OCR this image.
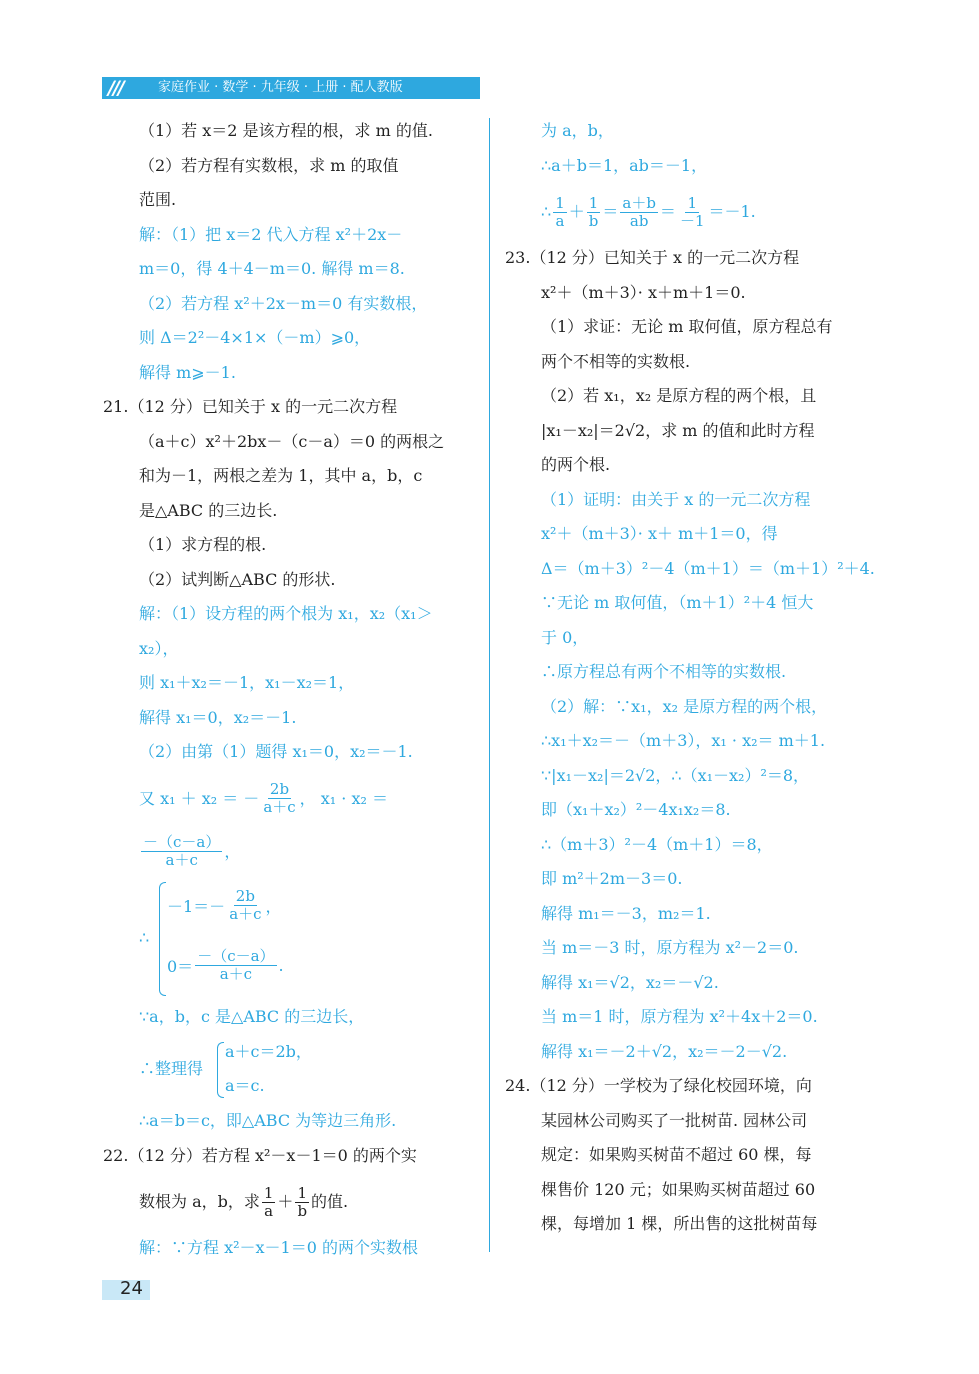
///	家庭作业 · 数学 · 九年级 · 上册 · 配人教版
（1）若 x＝2 是该方程的根，求 m 的值.
（2）若方程有实数根，求 m 的取值
范围.
解：（1）把 x＝2 代入方程 x²＋2x－
m＝0，得 4＋4－m＝0. 解得 m＝8.
（2）若方程 x²＋2x－m＝0 有实数根，
则 Δ＝2²－4×1×（－m）⩾0，
解得 m⩾－1.
21.（12 分）已知关于 x 的一元二次方程
（a＋c）x²＋2bx－（c－a）＝0 的两根之
和为－1，两根之差为 1，其中 a，b，c
是△ABC 的三边长.
（1）求方程的根.
（2）试判断△ABC 的形状.
解：（1）设方程的两个根为 x₁，x₂（x₁＞
x₂），
则 x₁＋x₂＝－1，x₁－x₂＝1，
解得 x₁＝0，x₂＝－1.
（2）由第（1）题得 x₁＝0，x₂＝－1.
又 x₁ ＋ x₂ ＝ － $\frac{2b}{a+c}$ ， x₁ · x₂ ＝
$\frac{-(c-a)}{a+c}$ ，
∴
$-1=- \frac{2b}{a+c}$ ，
$0= \frac{-(c-a)}{a+c}$ .
∵a，b，c 是△ABC 的三边长，
∴整理得
a＋c＝2b，
a＝c.
∴a＝b＝c，即△ABC 为等边三角形.
22.（12 分）若方程 x²－x－1＝0 的两个实
数根为 a，b，求 $\frac{1}{a} + \frac{1}{b}$ 的值.
解：∵方程 x²－x－1＝0 的两个实数根
为 a，b，
∴a＋b＝1，ab＝－1，
∴ $\frac{1}{a} + \frac{1}{b} = \frac{a+b}{ab} = \frac{1}{-1} =-1$.
23.（12 分）已知关于 x 的一元二次方程
x²＋（m＋3）· x＋m＋1＝0.
（1）求证：无论 m 取何值，原方程总有
两个不相等的实数根.
（2）若 x₁，x₂ 是原方程的两个根，且
|x₁－x₂|＝2√2，求 m 的值和此时方程
的两个根.
（1）证明：由关于 x 的一元二次方程
x²＋（m＋3）· x＋ m＋1＝0，得
Δ＝（m＋3）²－4（m＋1）＝（m＋1）²＋4.
∵无论 m 取何值，（m＋1）²＋4 恒大
于 0，
∴原方程总有两个不相等的实数根.
（2）解：∵x₁，x₂ 是原方程的两个根，
∴x₁＋x₂＝－（m＋3），x₁ · x₂＝ m＋1.
∵|x₁－x₂|＝2√2，∴（x₁－x₂）²＝8，
即（x₁＋x₂）²－4x₁x₂＝8.
∴（m＋3）²－4（m＋1）＝8，
即 m²＋2m－3＝0.
解得 m₁＝－3，m₂＝1.
当 m＝－3 时，原方程为 x²－2＝0.
解得 x₁＝√2，x₂＝－√2.
当 m＝1 时，原方程为 x²＋4x＋2＝0.
解得 x₁＝－2＋√2，x₂＝－2－√2.
24.（12 分）一学校为了绿化校园环境，向
某园林公司购买了一批树苗. 园林公司
规定：如果购买树苗不超过 60 棵，每
棵售价 120 元；如果购买树苗超过 60
棵，每增加 1 棵，所出售的这批树苗每
24
